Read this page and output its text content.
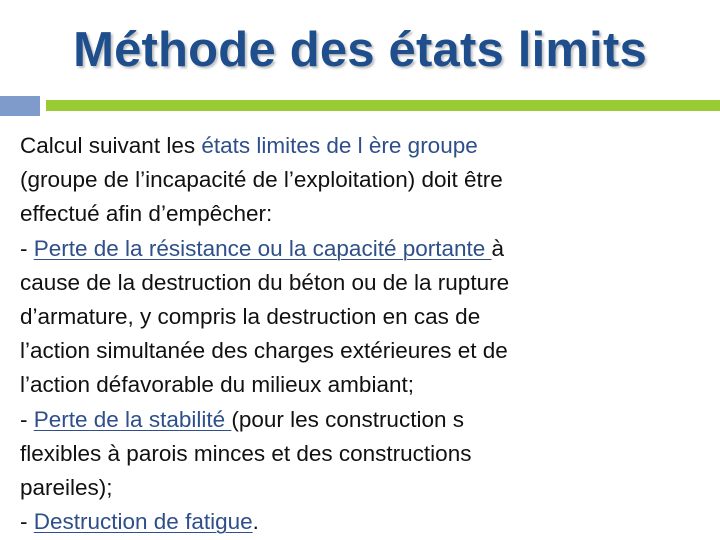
Méthode des états limits
Calcul suivant les états limites de l ère groupe
(groupe de l’incapacité de l’exploitation) doit être
effectué afin d’empêcher:
- Perte de la résistance ou la capacité portante à
cause de la destruction du béton ou de la rupture
d’armature, y compris la destruction en cas de
l’action simultanée des charges extérieures et de
l’action défavorable du milieux ambiant;
- Perte de la stabilité (pour les construction s
flexibles à parois minces et des constructions
pareiles);
- Destruction de fatigue.
